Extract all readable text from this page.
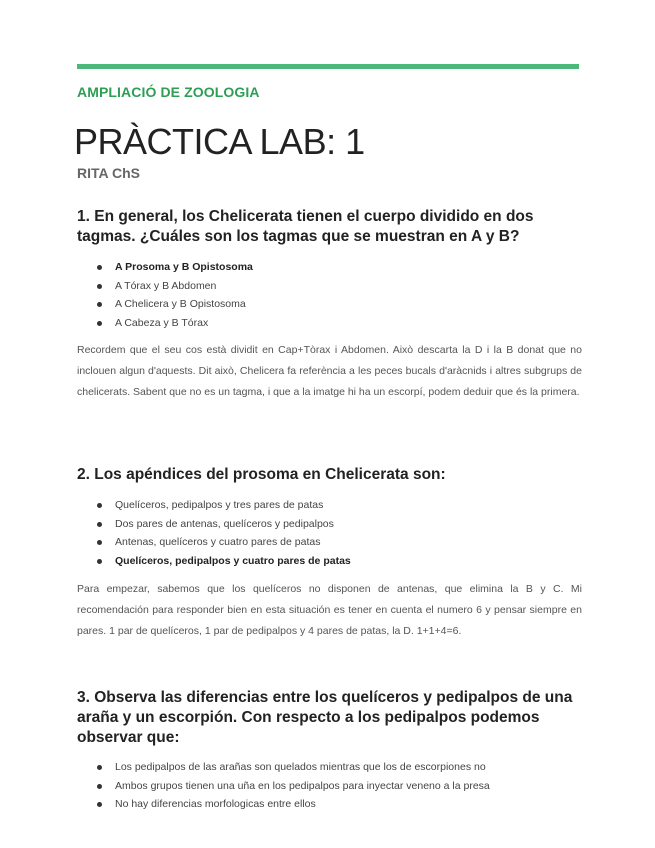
AMPLIACIÓ DE ZOOLOGIA
PRÀCTICA LAB: 1
RITA ChS
1. En general, los Chelicerata tienen el cuerpo dividido en dos tagmas. ¿Cuáles son los tagmas que se muestran en A y B?
A Prosoma y B Opistosoma
A Tórax y B Abdomen
A Chelicera y B Opistosoma
A Cabeza y B Tórax

Recordem que el seu cos està dividit en Cap+Tòrax i Abdomen. Això descarta la D i la B donat que no inclouen algun d'aquests. Dit això, Chelicera fa referència a les peces bucals d'aràcnids i altres subgrups de chelicerats. Sabent que no es un tagma, i que a la imatge hi ha un escorpí, podem deduir que és la primera.

2. Los apéndices del prosoma en Chelicerata son:
Quelíceros, pedipalpos y tres pares de patas
Dos pares de antenas, quelíceros y pedipalpos
Antenas, quelíceros y cuatro pares de patas
Quelíceros, pedipalpos y cuatro pares de patas

Para empezar, sabemos que los quelíceros no disponen de antenas, que elimina la B y C. Mi recomendación para responder bien en esta situación es tener en cuenta el numero 6 y pensar siempre en pares. 1 par de quelíceros, 1 par de pedipalpos y 4 pares de patas, la D. 1+1+4=6.

3. Observa las diferencias entre los quelíceros y pedipalpos de una araña y un escorpión. Con respecto a los pedipalpos podemos observar que:
Los pedipalpos de las arañas son quelados mientras que los de escorpiones no
Ambos grupos tienen una uña en los pedipalpos para inyectar veneno a la presa
No hay diferencias morfologicas entre ellos
